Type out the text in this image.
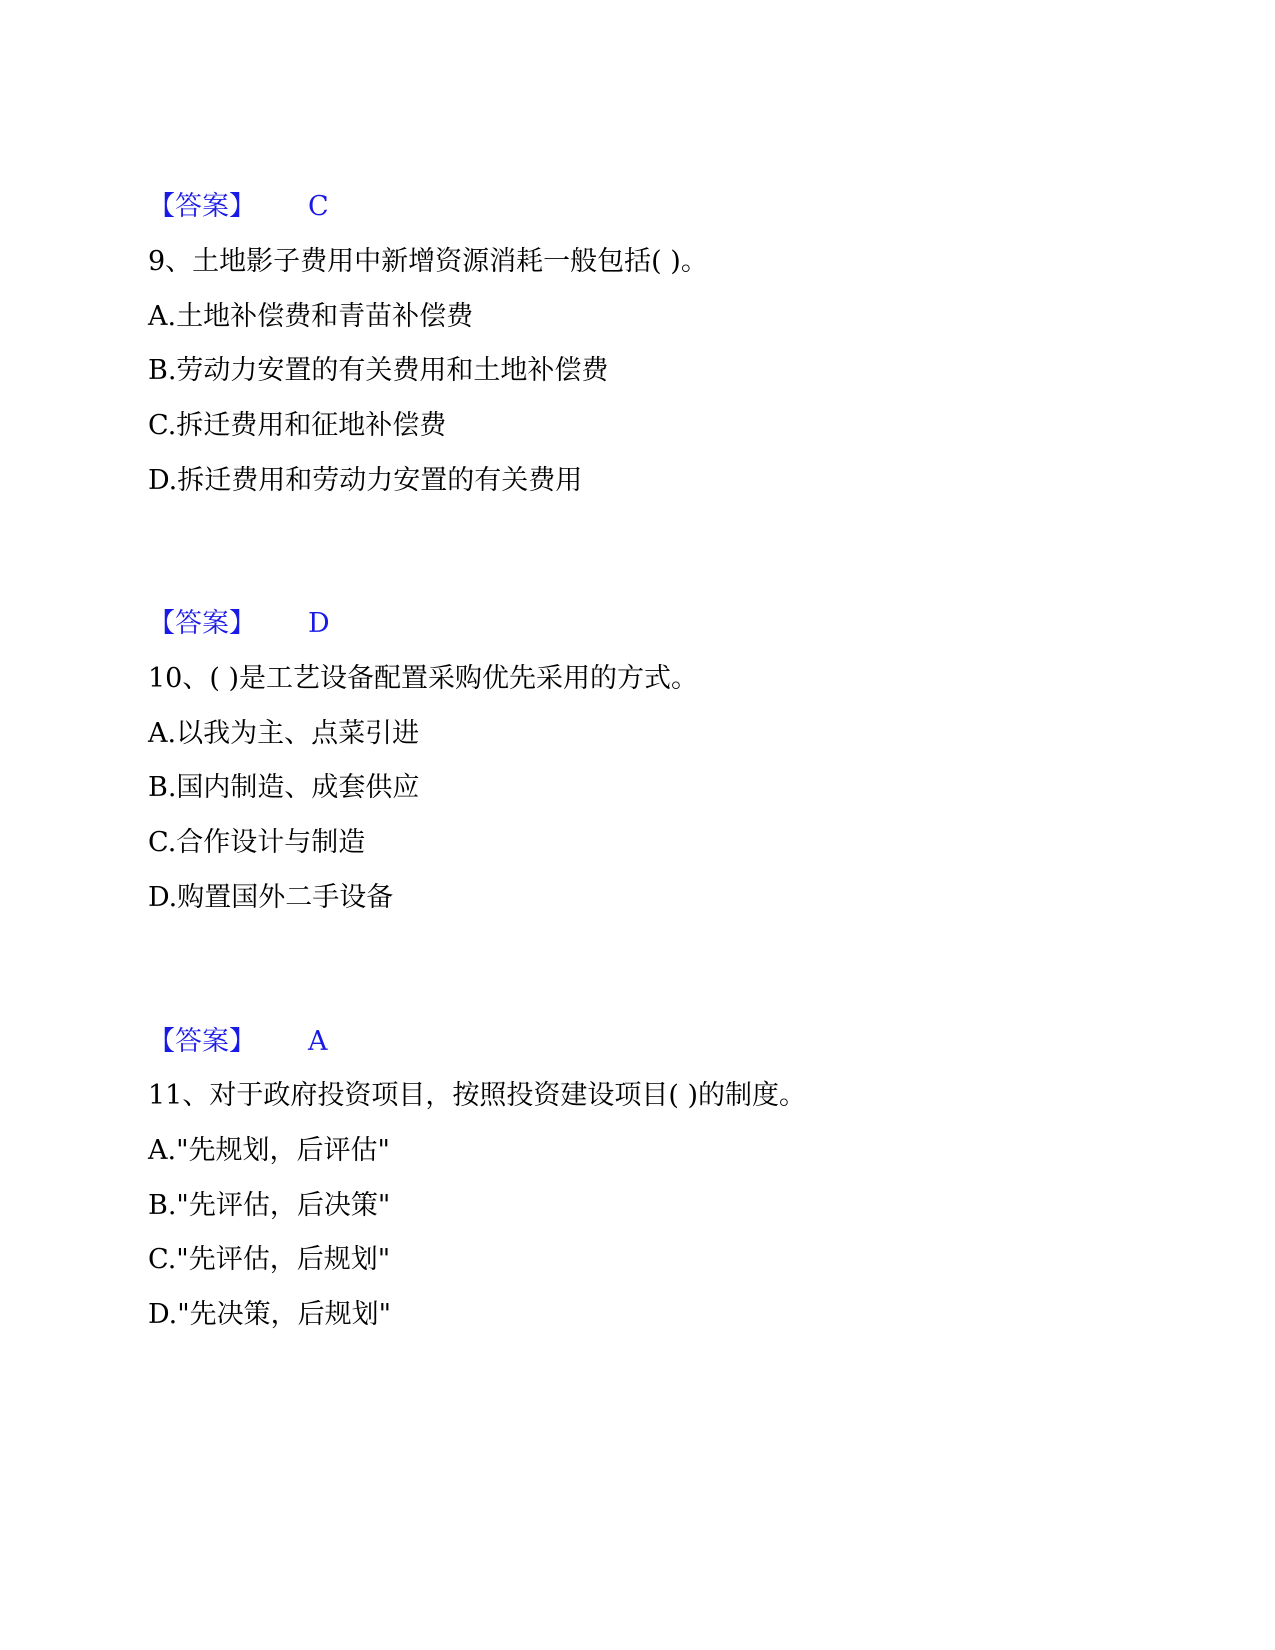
【答案】 C
9、土地影子费用中新增资源消耗一般包括( )。
A.土地补偿费和青苗补偿费
B.劳动力安置的有关费用和土地补偿费
C.拆迁费用和征地补偿费
D.拆迁费用和劳动力安置的有关费用
【答案】 D
10、( )是工艺设备配置采购优先采用的方式。
A.以我为主、点菜引进
B.国内制造、成套供应
C.合作设计与制造
D.购置国外二手设备
【答案】 A
11、对于政府投资项目，按照投资建设项目( )的制度。
A."先规划，后评估"
B."先评估，后决策"
C."先评估，后规划"
D."先决策，后规划"
